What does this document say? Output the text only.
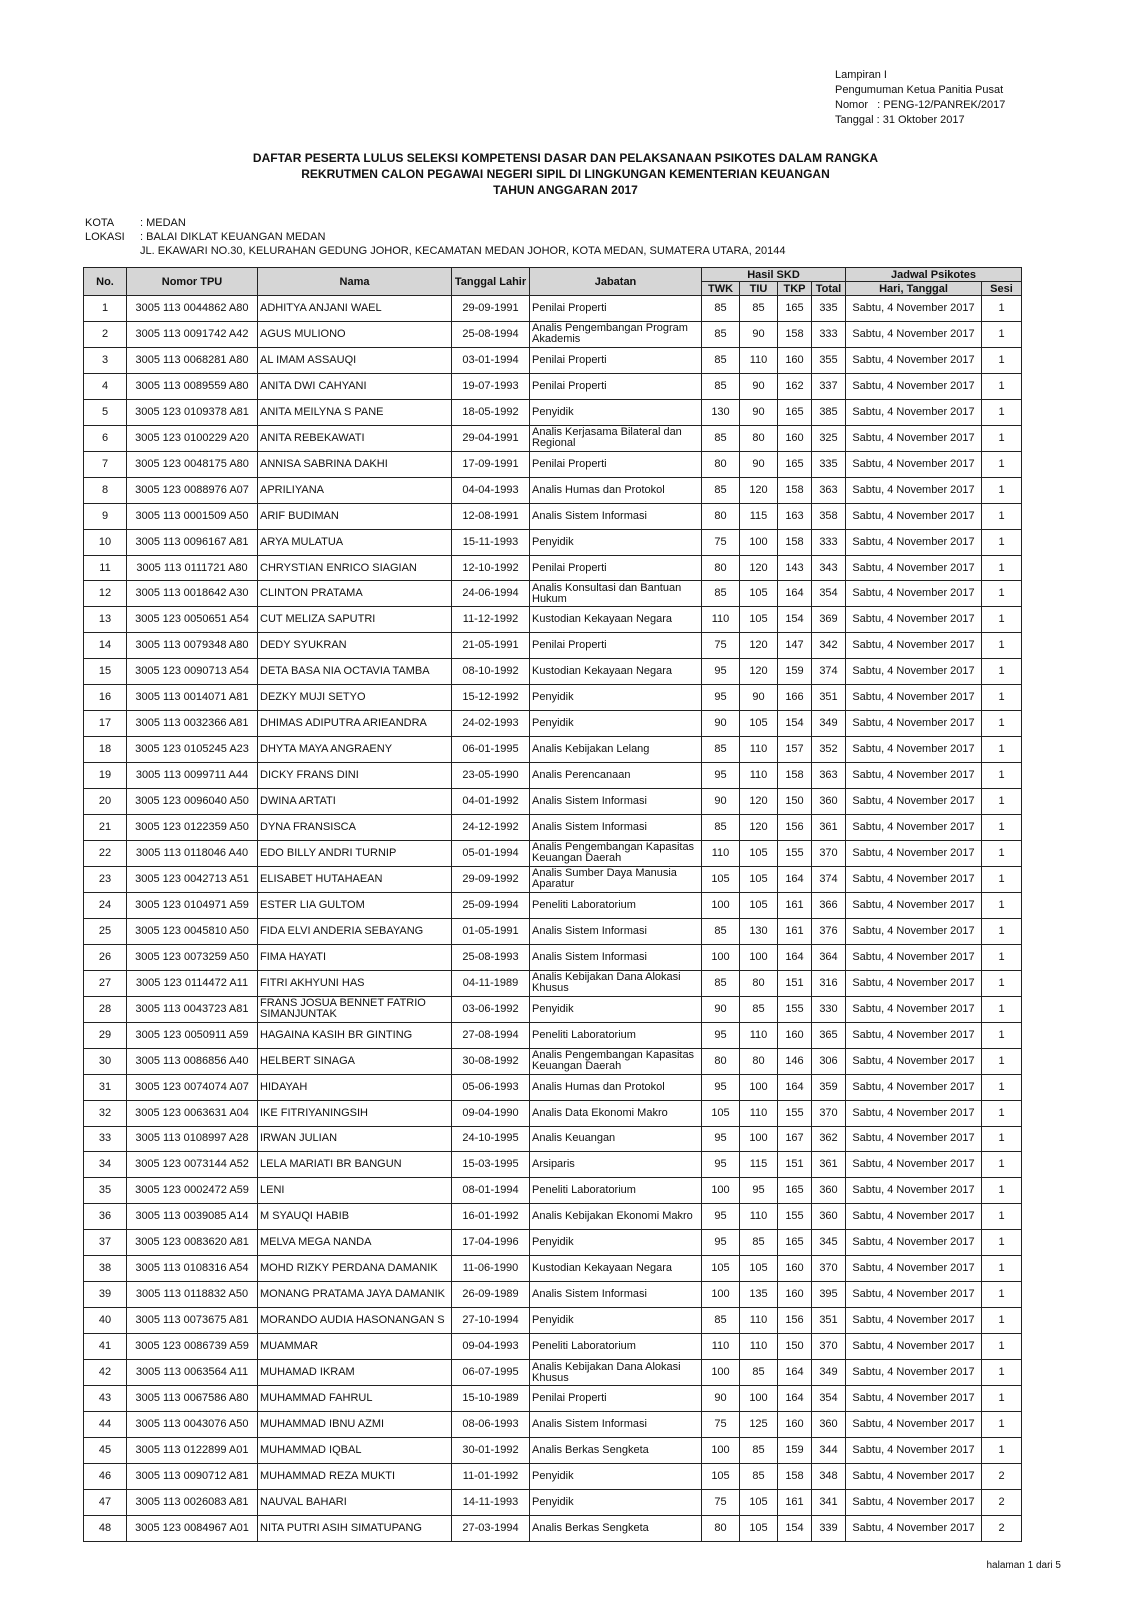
Lampiran I
Pengumuman Ketua Panitia Pusat
Nomor   : PENG-12/PANREK/2017
Tanggal : 31 Oktober 2017
DAFTAR PESERTA LULUS SELEKSI KOMPETENSI DASAR DAN PELAKSANAAN PSIKOTES DALAM RANGKA
REKRUTMEN CALON PEGAWAI NEGERI SIPIL DI LINGKUNGAN KEMENTERIAN KEUANGAN
TAHUN ANGGARAN 2017
KOTA	: MEDAN
LOKASI	: BALAI DIKLAT KEUANGAN MEDAN
JL. EKAWARI NO.30, KELURAHAN GEDUNG JOHOR, KECAMATAN MEDAN JOHOR, KOTA MEDAN, SUMATERA UTARA, 20144
No.	Nomor TPU	Nama	Tanggal Lahir	Jabatan	Hasil SKD				Jadwal Psikotes	
					TWK	TIU	TKP	Total	Hari, Tanggal	Sesi
1	3005 113 0044862 A80	ADHITYA ANJANI WAEL	29-09-1991	Penilai Properti	85	85	165	335	Sabtu, 4 November 2017	1
2	3005 113 0091742 A42	AGUS MULIONO	25-08-1994	Analis Pengembangan Program Akademis	85	90	158	333	Sabtu, 4 November 2017	1
3	3005 113 0068281 A80	AL IMAM ASSAUQI	03-01-1994	Penilai Properti	85	110	160	355	Sabtu, 4 November 2017	1
4	3005 113 0089559 A80	ANITA DWI CAHYANI	19-07-1993	Penilai Properti	85	90	162	337	Sabtu, 4 November 2017	1
5	3005 123 0109378 A81	ANITA MEILYNA S PANE	18-05-1992	Penyidik	130	90	165	385	Sabtu, 4 November 2017	1
6	3005 123 0100229 A20	ANITA REBEKAWATI	29-04-1991	Analis Kerjasama Bilateral dan Regional	85	80	160	325	Sabtu, 4 November 2017	1
7	3005 123 0048175 A80	ANNISA SABRINA DAKHI	17-09-1991	Penilai Properti	80	90	165	335	Sabtu, 4 November 2017	1
8	3005 123 0088976 A07	APRILIYANA	04-04-1993	Analis Humas dan Protokol	85	120	158	363	Sabtu, 4 November 2017	1
9	3005 113 0001509 A50	ARIF BUDIMAN	12-08-1991	Analis Sistem Informasi	80	115	163	358	Sabtu, 4 November 2017	1
10	3005 113 0096167 A81	ARYA MULATUA	15-11-1993	Penyidik	75	100	158	333	Sabtu, 4 November 2017	1
11	3005 113 0111721 A80	CHRYSTIAN ENRICO SIAGIAN	12-10-1992	Penilai Properti	80	120	143	343	Sabtu, 4 November 2017	1
12	3005 113 0018642 A30	CLINTON PRATAMA	24-06-1994	Analis Konsultasi dan Bantuan Hukum	85	105	164	354	Sabtu, 4 November 2017	1
13	3005 123 0050651 A54	CUT MELIZA SAPUTRI	11-12-1992	Kustodian Kekayaan Negara	110	105	154	369	Sabtu, 4 November 2017	1
14	3005 113 0079348 A80	DEDY SYUKRAN	21-05-1991	Penilai Properti	75	120	147	342	Sabtu, 4 November 2017	1
15	3005 123 0090713 A54	DETA BASA NIA OCTAVIA TAMBA	08-10-1992	Kustodian Kekayaan Negara	95	120	159	374	Sabtu, 4 November 2017	1
16	3005 113 0014071 A81	DEZKY MUJI SETYO	15-12-1992	Penyidik	95	90	166	351	Sabtu, 4 November 2017	1
17	3005 113 0032366 A81	DHIMAS ADIPUTRA ARIEANDRA	24-02-1993	Penyidik	90	105	154	349	Sabtu, 4 November 2017	1
18	3005 123 0105245 A23	DHYTA MAYA ANGRAENY	06-01-1995	Analis Kebijakan Lelang	85	110	157	352	Sabtu, 4 November 2017	1
19	3005 113 0099711 A44	DICKY FRANS DINI	23-05-1990	Analis Perencanaan	95	110	158	363	Sabtu, 4 November 2017	1
20	3005 123 0096040 A50	DWINA ARTATI	04-01-1992	Analis Sistem Informasi	90	120	150	360	Sabtu, 4 November 2017	1
21	3005 123 0122359 A50	DYNA FRANSISCA	24-12-1992	Analis Sistem Informasi	85	120	156	361	Sabtu, 4 November 2017	1
22	3005 113 0118046 A40	EDO BILLY ANDRI TURNIP	05-01-1994	Analis Pengembangan Kapasitas Keuangan Daerah	110	105	155	370	Sabtu, 4 November 2017	1
23	3005 123 0042713 A51	ELISABET HUTAHAEAN	29-09-1992	Analis Sumber Daya Manusia Aparatur	105	105	164	374	Sabtu, 4 November 2017	1
24	3005 123 0104971 A59	ESTER LIA GULTOM	25-09-1994	Peneliti Laboratorium	100	105	161	366	Sabtu, 4 November 2017	1
25	3005 123 0045810 A50	FIDA ELVI ANDERIA SEBAYANG	01-05-1991	Analis Sistem Informasi	85	130	161	376	Sabtu, 4 November 2017	1
26	3005 123 0073259 A50	FIMA HAYATI	25-08-1993	Analis Sistem Informasi	100	100	164	364	Sabtu, 4 November 2017	1
27	3005 123 0114472 A11	FITRI AKHYUNI HAS	04-11-1989	Analis Kebijakan Dana Alokasi Khusus	85	80	151	316	Sabtu, 4 November 2017	1
28	3005 113 0043723 A81	FRANS JOSUA BENNET FATRIO SIMANJUNTAK	03-06-1992	Penyidik	90	85	155	330	Sabtu, 4 November 2017	1
29	3005 123 0050911 A59	HAGAINA KASIH BR GINTING	27-08-1994	Peneliti Laboratorium	95	110	160	365	Sabtu, 4 November 2017	1
30	3005 113 0086856 A40	HELBERT SINAGA	30-08-1992	Analis Pengembangan Kapasitas Keuangan Daerah	80	80	146	306	Sabtu, 4 November 2017	1
31	3005 123 0074074 A07	HIDAYAH	05-06-1993	Analis Humas dan Protokol	95	100	164	359	Sabtu, 4 November 2017	1
32	3005 123 0063631 A04	IKE FITRIYANINGSIH	09-04-1990	Analis Data Ekonomi Makro	105	110	155	370	Sabtu, 4 November 2017	1
33	3005 113 0108997 A28	IRWAN JULIAN	24-10-1995	Analis Keuangan	95	100	167	362	Sabtu, 4 November 2017	1
34	3005 123 0073144 A52	LELA MARIATI BR BANGUN	15-03-1995	Arsiparis	95	115	151	361	Sabtu, 4 November 2017	1
35	3005 123 0002472 A59	LENI	08-01-1994	Peneliti Laboratorium	100	95	165	360	Sabtu, 4 November 2017	1
36	3005 113 0039085 A14	M SYAUQI HABIB	16-01-1992	Analis Kebijakan Ekonomi Makro	95	110	155	360	Sabtu, 4 November 2017	1
37	3005 123 0083620 A81	MELVA MEGA NANDA	17-04-1996	Penyidik	95	85	165	345	Sabtu, 4 November 2017	1
38	3005 113 0108316 A54	MOHD RIZKY PERDANA DAMANIK	11-06-1990	Kustodian Kekayaan Negara	105	105	160	370	Sabtu, 4 November 2017	1
39	3005 113 0118832 A50	MONANG PRATAMA JAYA DAMANIK	26-09-1989	Analis Sistem Informasi	100	135	160	395	Sabtu, 4 November 2017	1
40	3005 113 0073675 A81	MORANDO AUDIA HASONANGAN S	27-10-1994	Penyidik	85	110	156	351	Sabtu, 4 November 2017	1
41	3005 123 0086739 A59	MUAMMAR	09-04-1993	Peneliti Laboratorium	110	110	150	370	Sabtu, 4 November 2017	1
42	3005 113 0063564 A11	MUHAMAD IKRAM	06-07-1995	Analis Kebijakan Dana Alokasi Khusus	100	85	164	349	Sabtu, 4 November 2017	1
43	3005 113 0067586 A80	MUHAMMAD FAHRUL	15-10-1989	Penilai Properti	90	100	164	354	Sabtu, 4 November 2017	1
44	3005 113 0043076 A50	MUHAMMAD IBNU AZMI	08-06-1993	Analis Sistem Informasi	75	125	160	360	Sabtu, 4 November 2017	1
45	3005 113 0122899 A01	MUHAMMAD IQBAL	30-01-1992	Analis Berkas Sengketa	100	85	159	344	Sabtu, 4 November 2017	1
46	3005 113 0090712 A81	MUHAMMAD REZA MUKTI	11-01-1992	Penyidik	105	85	158	348	Sabtu, 4 November 2017	2
47	3005 113 0026083 A81	NAUVAL BAHARI	14-11-1993	Penyidik	75	105	161	341	Sabtu, 4 November 2017	2
48	3005 123 0084967 A01	NITA PUTRI ASIH SIMATUPANG	27-03-1994	Analis Berkas Sengketa	80	105	154	339	Sabtu, 4 November 2017	2
halaman 1 dari 5
